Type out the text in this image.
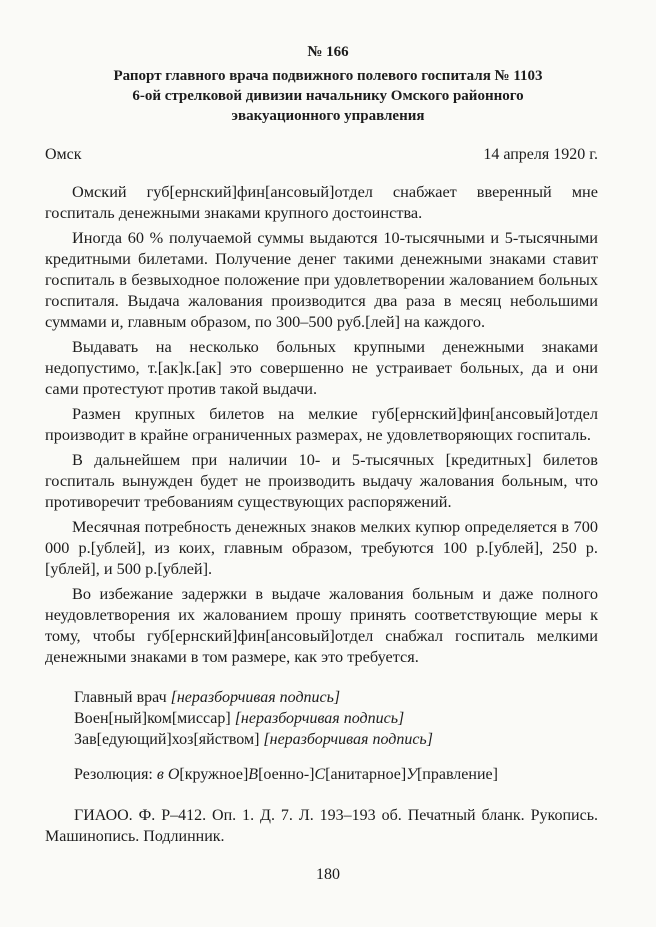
№ 166
Рапорт главного врача подвижного полевого госпиталя № 1103
6-ой стрелковой дивизии начальнику Омского районного
эвакуационного управления
Омск	14 апреля 1920 г.

Омский губ[ернский]фин[ансовый]отдел снабжает вверенный мне госпиталь денежными знаками крупного достоинства.

Иногда 60 % получаемой суммы выдаются 10-тысячными и 5-тысячными кредитными билетами. Получение денег такими денежными знаками ставит госпиталь в безвыходное положение при удовлетворении жалованием больных госпиталя. Выдача жалования производится два раза в месяц небольшими суммами и, главным образом, по 300–500 руб.[лей] на каждого.

Выдавать на несколько больных крупными денежными знаками недопустимо, т.[ак]к.[ак] это совершенно не устраивает больных, да и они сами протестуют против такой выдачи.

Размен крупных билетов на мелкие губ[ернский]фин[ансовый]отдел производит в крайне ограниченных размерах, не удовлетворяющих госпиталь.

В дальнейшем при наличии 10- и 5-тысячных [кредитных] билетов госпиталь вынужден будет не производить выдачу жалования больным, что противоречит требованиям существующих распоряжений.

Месячная потребность денежных знаков мелких купюр определяется в 700 000 р.[ублей], из коих, главным образом, требуются 100 р.[ублей], 250 р.[ублей], и 500 р.[ублей].

Во избежание задержки в выдаче жалования больным и даже полного неудовлетворения их жалованием прошу принять соответствующие меры к тому, чтобы губ[ернский]фин[ансовый]отдел снабжал госпиталь мелкими денежными знаками в том размере, как это требуется.

Главный врач [неразборчивая подпись]
Воен[ный]ком[миссар] [неразборчивая подпись]
Зав[едующий]хоз[яйством] [неразборчивая подпись]
Резолюция: в О[кружное]В[оенно-]С[анитарное]У[правление]
ГИАОО. Ф. Р–412. Оп. 1. Д. 7. Л. 193–193 об. Печатный бланк. Рукопись. Машинопись. Подлинник.
180
